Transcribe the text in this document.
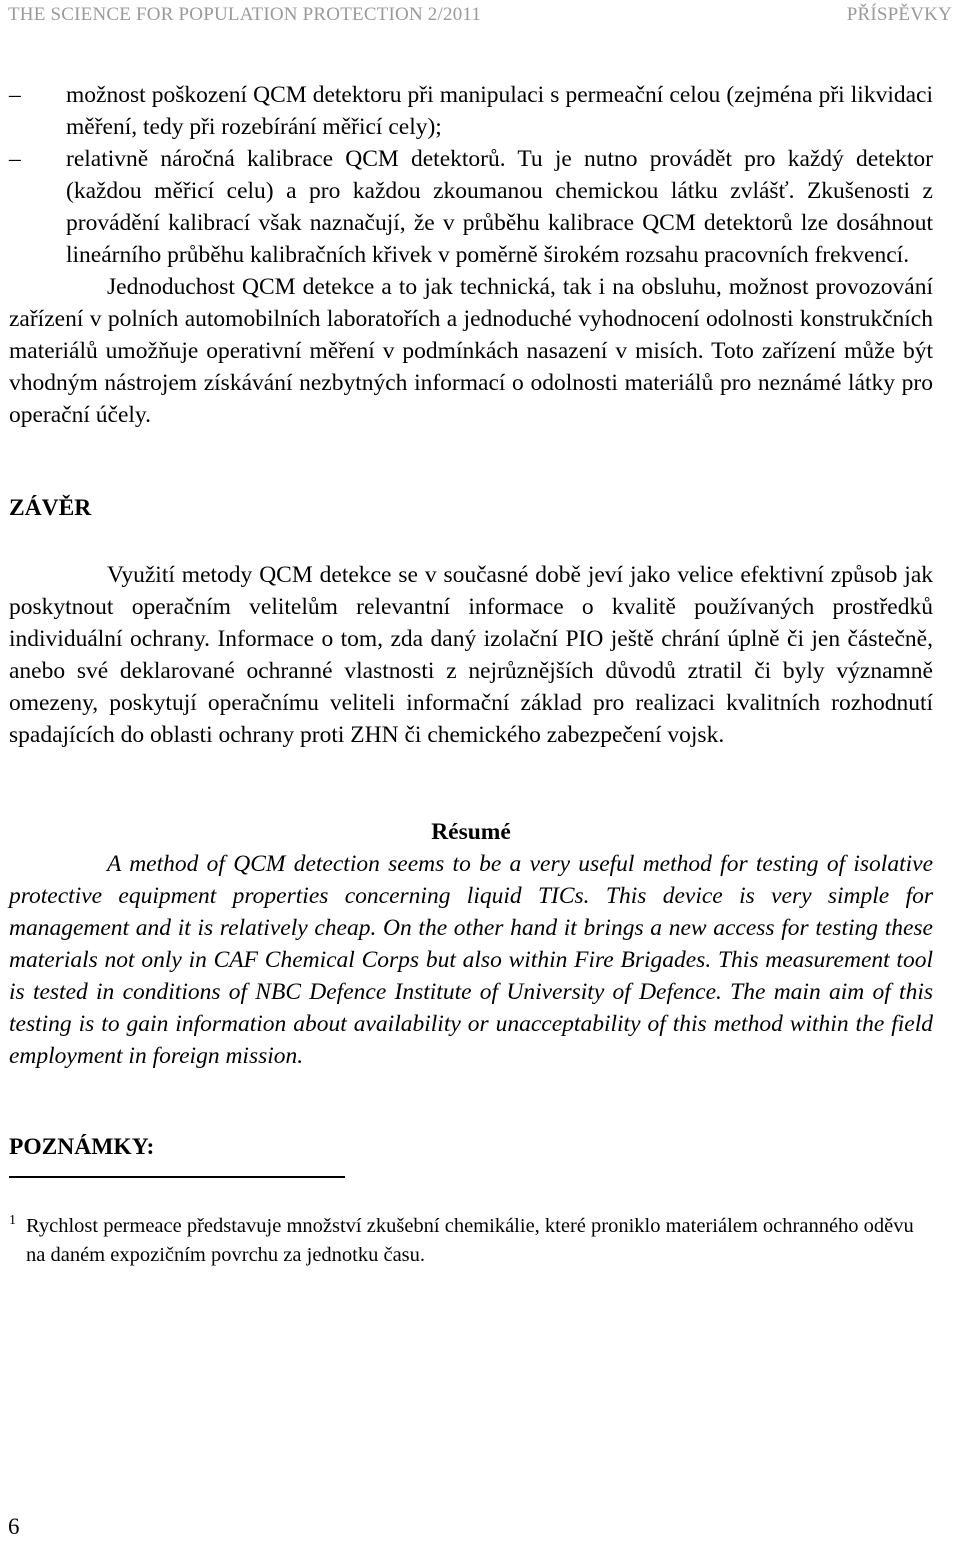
THE SCIENCE FOR POPULATION PROTECTION 2/2011	PŘÍSPĚVKY
– možnost poškození QCM detektoru při manipulaci s permeační celou (zejména při likvidaci měření, tedy při rozebírání měřicí cely);
– relativně náročná kalibrace QCM detektorů. Tu je nutno provádět pro každý detektor (každou měřicí celu) a pro každou zkoumanou chemickou látku zvlášť. Zkušenosti z provádění kalibrací však naznačují, že v průběhu kalibrace QCM detektorů lze dosáhnout lineárního průběhu kalibračních křivek v poměrně širokém rozsahu pracovních frekvencí.

Jednoduchost QCM detekce a to jak technická, tak i na obsluhu, možnost provozování zařízení v polních automobilních laboratořích a jednoduché vyhodnocení odolnosti konstrukčních materiálů umožňuje operativní měření v podmínkách nasazení v misích. Toto zařízení může být vhodným nástrojem získávání nezbytných informací o odolnosti materiálů pro neznámé látky pro operační účely.

ZÁVĚR

Využití metody QCM detekce se v současné době jeví jako velice efektivní způsob jak poskytnout operačním velitelům relevantní informace o kvalitě používaných prostředků individuální ochrany. Informace o tom, zda daný izolační PIO ještě chrání úplně či jen částečně, anebo své deklarované ochranné vlastnosti z nejrůznějších důvodů ztratil či byly významně omezeny, poskytují operačnímu veliteli informační základ pro realizaci kvalitních rozhodnutí spadajících do oblasti ochrany proti ZHN či chemického zabezpečení vojsk.

Résumé

A method of QCM detection seems to be a very useful method for testing of isolative protective equipment properties concerning liquid TICs. This device is very simple for management and it is relatively cheap. On the other hand it brings a new access for testing these materials not only in CAF Chemical Corps but also within Fire Brigades. This measurement tool is tested in conditions of NBC Defence Institute of University of Defence. The main aim of this testing is to gain information about availability or unacceptability of this method within the field employment in foreign mission.

POZNÁMKY:
1 Rychlost permeace představuje množství zkušební chemikálie, které proniklo materiálem ochranného oděvu na daném expozičním povrchu za jednotku času.
6
